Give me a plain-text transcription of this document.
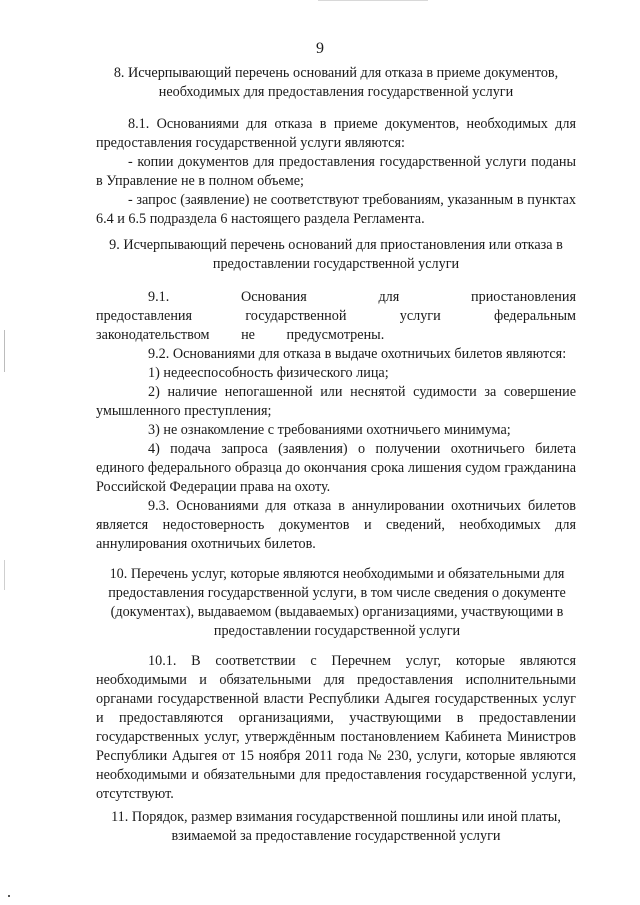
9
8. Исчерпывающий перечень оснований для отказа в приеме документов, необходимых для предоставления государственной услуги

8.1. Основаниями для отказа в приеме документов, необходимых для предоставления государственной услуги являются:

- копии документов для предоставления государственной услуги поданы в Управление не в полном объеме;

- запрос (заявление) не соответствуют требованиям, указанным в пунктах 6.4 и 6.5 подраздела 6 настоящего раздела Регламента.

9. Исчерпывающий перечень оснований для приостановления или отказа в предоставлении государственной услуги

9.1. Основания для приостановления предоставления государственной услуги федеральным законодательством не предусмотрены.

9.2. Основаниями для отказа в выдаче охотничьих билетов являются:

1) недееспособность физического лица;

2) наличие непогашенной или неснятой судимости за совершение умышленного преступления;

3) не ознакомление с требованиями охотничьего минимума;

4) подача запроса (заявления) о получении охотничьего билета единого федерального образца до окончания срока лишения судом гражданина Российской Федерации права на охоту.

9.3. Основаниями для отказа в аннулировании охотничьих билетов является недостоверность документов и сведений, необходимых для аннулирования охотничьих билетов.

10. Перечень услуг, которые являются необходимыми и обязательными для предоставления государственной услуги, в том числе сведения о документе (документах), выдаваемом (выдаваемых) организациями, участвующими в предоставлении государственной услуги

10.1. В соответствии с Перечнем услуг, которые являются необходимыми и обязательными для предоставления исполнительными органами государственной власти Республики Адыгея государственных услуг и предоставляются организациями, участвующими в предоставлении государственных услуг, утверждённым постановлением Кабинета Министров Республики Адыгея от 15 ноября 2011 года № 230, услуги, которые являются необходимыми и обязательными для предоставления государственной услуги, отсутствуют.

11. Порядок, размер взимания государственной пошлины или иной платы, взимаемой за предоставление государственной услуги
